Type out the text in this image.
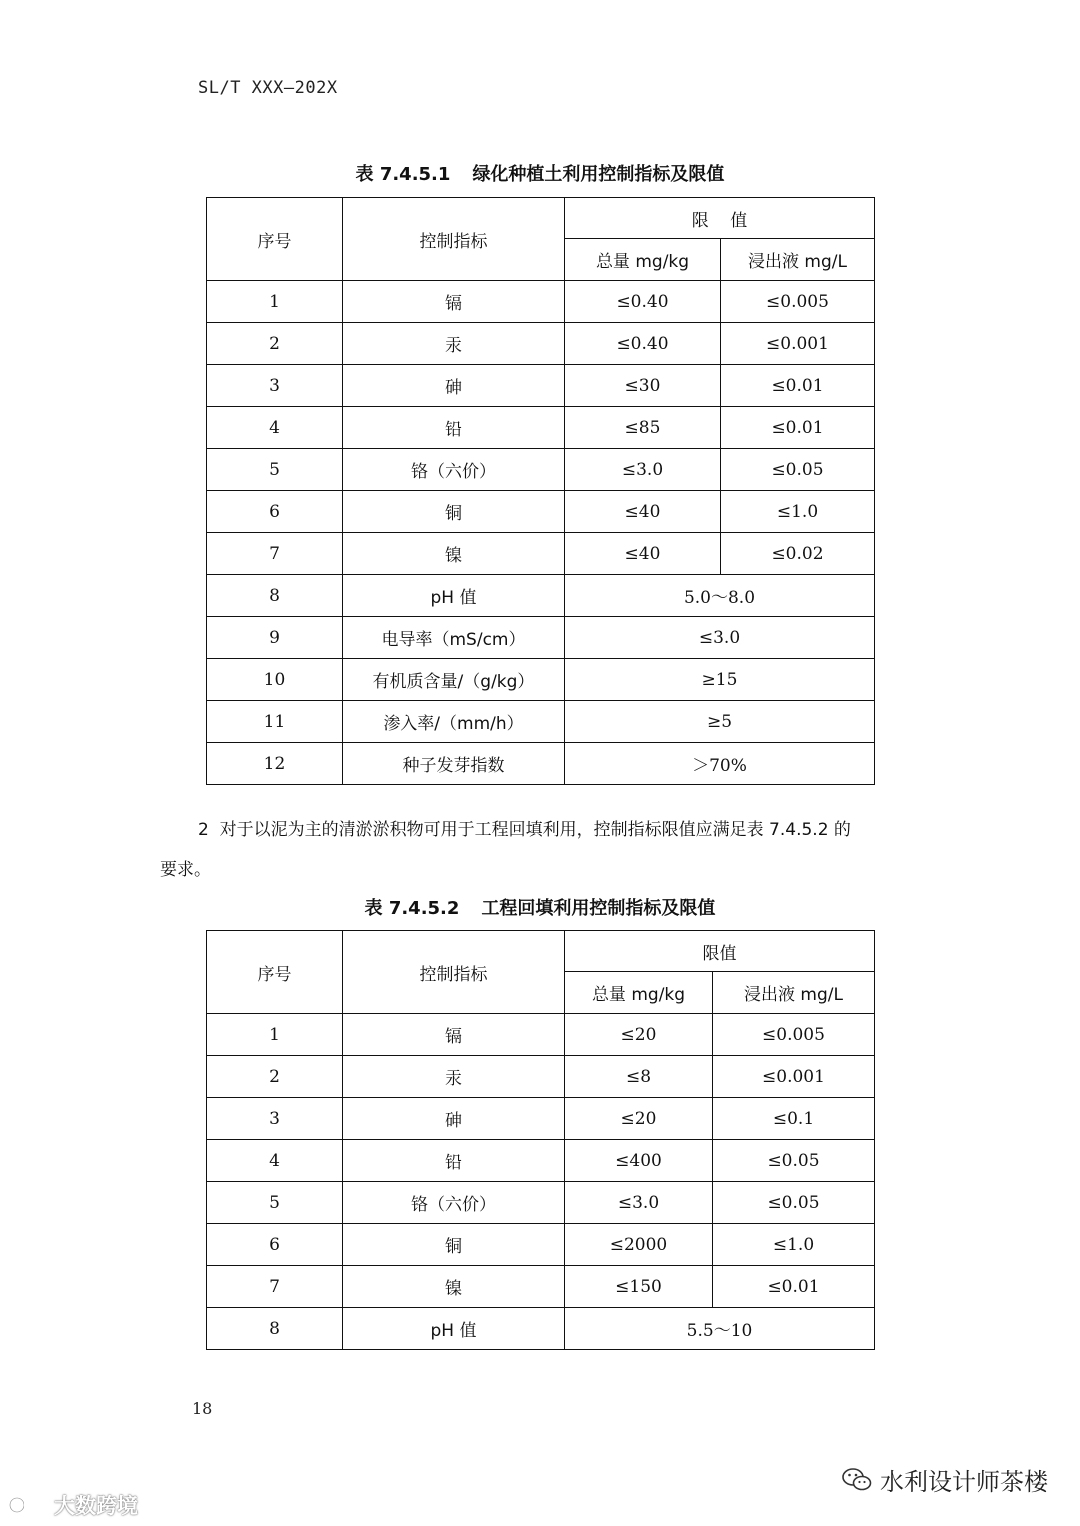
SL/T XXX—202X
表 7.4.5.1 绿化种植土利用控制指标及限值
序号	控制指标	限    值	
		总量 mg/kg	浸出液 mg/L
1	镉	≤0.40	≤0.005
2	汞	≤0.40	≤0.001
3	砷	≤30	≤0.01
4	铅	≤85	≤0.01
5	铬（六价）	≤3.0	≤0.05
6	铜	≤40	≤1.0
7	镍	≤40	≤0.02
8	pH 值	5.0～8.0	
9	电导率（mS/cm）	≤3.0	
10	有机质含量/（g/kg）	≥15	
11	渗入率/（mm/h）	≥5	
12	种子发芽指数	＞70%	
2 对于以泥为主的清淤淤积物可用于工程回填利用，控制指标限值应满足表 7.4.5.2 的
要求。
表 7.4.5.2 工程回填利用控制指标及限值
序号	控制指标	限值	
		总量 mg/kg	浸出液 mg/L
1	镉	≤20	≤0.005
2	汞	≤8	≤0.001
3	砷	≤20	≤0.1
4	铅	≤400	≤0.05
5	铬（六价）	≤3.0	≤0.05
6	铜	≤2000	≤1.0
7	镍	≤150	≤0.01
8	pH 值	5.5～10	
18
水利设计师茶楼
大数跨境
